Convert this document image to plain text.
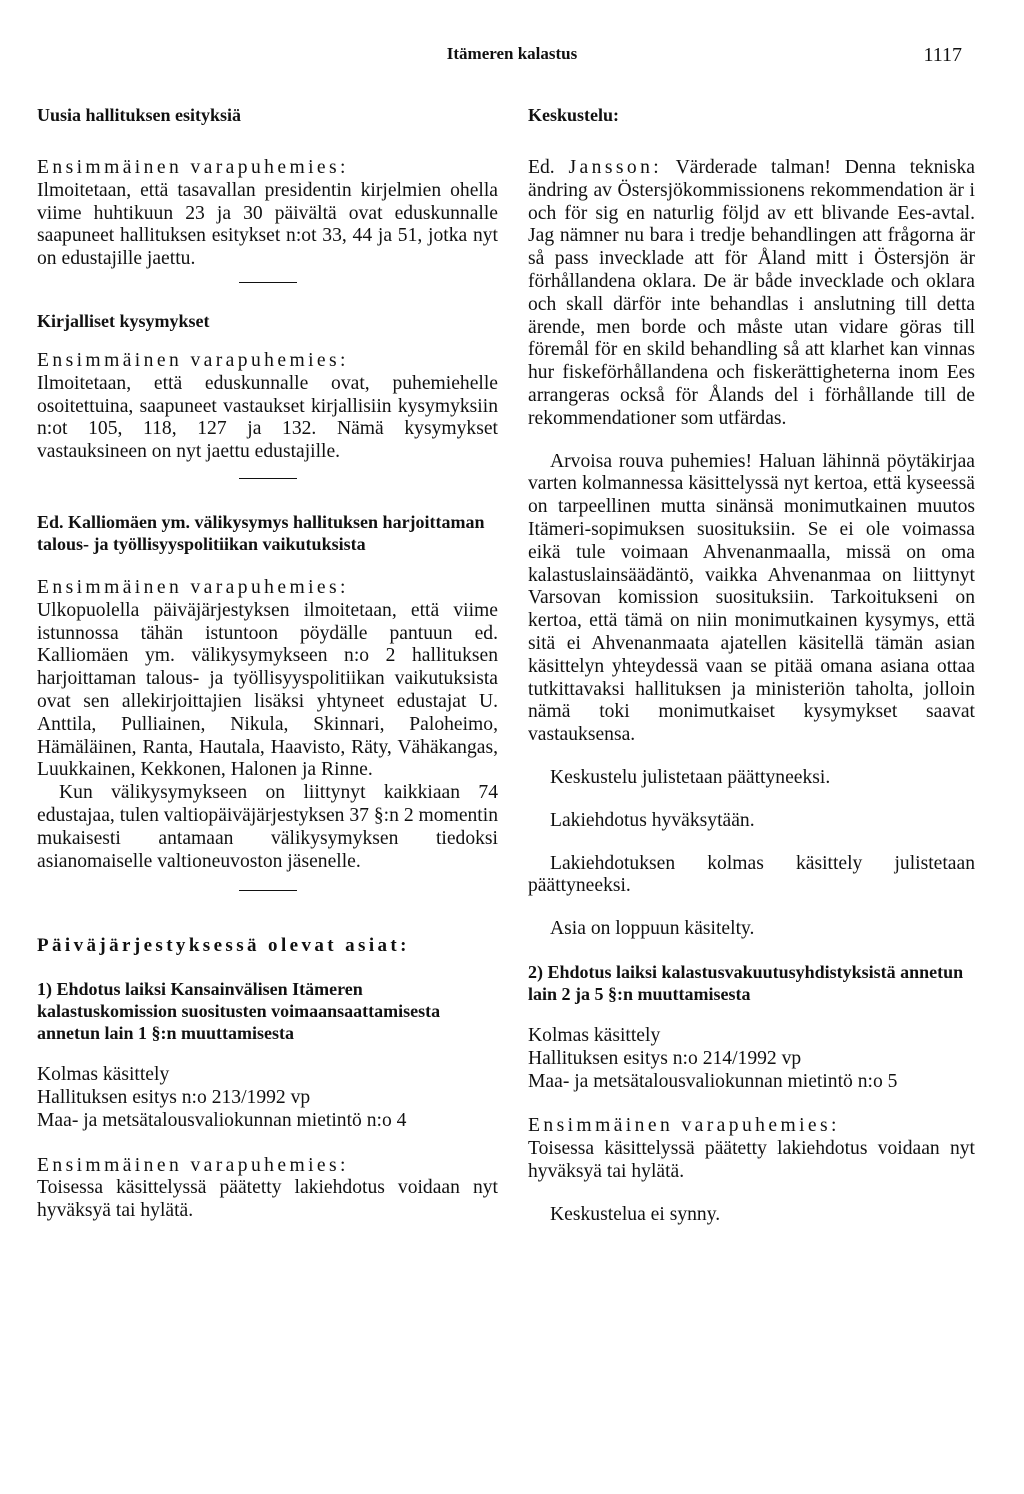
Itämeren kalastus	1117
Uusia hallituksen esityksiä

Ensimmäinen varapuhemies:
Ilmoitetaan, että tasavallan presidentin kirjelmien ohella viime huhtikuun 23 ja 30 päivältä ovat eduskunnalle saapuneet hallituksen esitykset n:ot 33, 44 ja 51, jotka nyt on edustajille jaettu.

Kirjalliset kysymykset

Ensimmäinen varapuhemies:
Ilmoitetaan, että eduskunnalle ovat, puhemiehelle osoitettuina, saapuneet vastaukset kirjallisiin kysymyksiin n:ot 105, 118, 127 ja 132. Nämä kysymykset vastauksineen on nyt jaettu edustajille.

Ed. Kalliomäen ym. välikysymys hallituksen harjoittaman talous- ja työllisyyspolitiikan vaikutuksista

Ensimmäinen varapuhemies:
Ulkopuolella päiväjärjestyksen ilmoitetaan, että viime istunnossa tähän istuntoon pöydälle pantuun ed. Kalliomäen ym. välikysymykseen n:o 2 hallituksen harjoittaman talous- ja työllisyyspolitiikan vaikutuksista ovat sen allekirjoittajien lisäksi yhtyneet edustajat U. Anttila, Pulliainen, Nikula, Skinnari, Paloheimo, Hämäläinen, Ranta, Hautala, Haavisto, Räty, Vähäkangas, Luukkainen, Kekkonen, Halonen ja Rinne.

Kun välikysymykseen on liittynyt kaikkiaan 74 edustajaa, tulen valtiopäiväjärjestyksen 37 §:n 2 momentin mukaisesti antamaan välikysymyksen tiedoksi asianomaiselle valtioneuvoston jäsenelle.

Päiväjärjestyksessä olevat asiat:
1) Ehdotus laiksi Kansainvälisen Itämeren kalastuskomission suositusten voimaansaattamisesta annetun lain 1 §:n muuttamisesta

Kolmas käsittely

Hallituksen esitys n:o 213/1992 vp

Maa- ja metsätalousvaliokunnan mietintö n:o 4

Ensimmäinen varapuhemies:
Toisessa käsittelyssä päätetty lakiehdotus voidaan nyt hyväksyä tai hylätä.

Keskustelu:

Ed. Jansson: Värderade talman! Denna tekniska ändring av Östersjökommissionens rekommendation är i och för sig en naturlig följd av ett blivande Ees-avtal. Jag nämner nu bara i tredje behandlingen att frågorna är så pass invecklade att för Åland mitt i Östersjön är förhållandena oklara. De är både invecklade och oklara och skall därför inte behandlas i anslutning till detta ärende, men borde och måste utan vidare göras till föremål för en skild behandling så att klarhet kan vinnas hur fiskeförhållandena och fiskerättigheterna inom Ees arrangeras också för Ålands del i förhållande till de rekommendationer som utfärdas.

Arvoisa rouva puhemies! Haluan lähinnä pöytäkirjaa varten kolmannessa käsittelyssä nyt kertoa, että kyseessä on tarpeellinen mutta sinänsä monimutkainen muutos Itämeri-sopimuksen suosituksiin. Se ei ole voimassa eikä tule voimaan Ahvenanmaalla, missä on oma kalastuslainsäädäntö, vaikka Ahvenanmaa on liittynyt Varsovan komission suosituksiin. Tarkoitukseni on kertoa, että tämä on niin monimutkainen kysymys, että sitä ei Ahvenanmaata ajatellen käsitellä tämän asian käsittelyn yhteydessä vaan se pitää omana asiana ottaa tutkittavaksi hallituksen ja ministeriön taholta, jolloin nämä toki monimutkaiset kysymykset saavat vastauksensa.

Keskustelu julistetaan päättyneeksi.

Lakiehdotus hyväksytään.

Lakiehdotuksen kolmas käsittely julistetaan päättyneeksi.

Asia on loppuun käsitelty.

2) Ehdotus laiksi kalastusvakuutusyhdistyksistä annetun lain 2 ja 5 §:n muuttamisesta

Kolmas käsittely

Hallituksen esitys n:o 214/1992 vp

Maa- ja metsätalousvaliokunnan mietintö n:o 5

Ensimmäinen varapuhemies:
Toisessa käsittelyssä päätetty lakiehdotus voidaan nyt hyväksyä tai hylätä.

Keskustelua ei synny.
